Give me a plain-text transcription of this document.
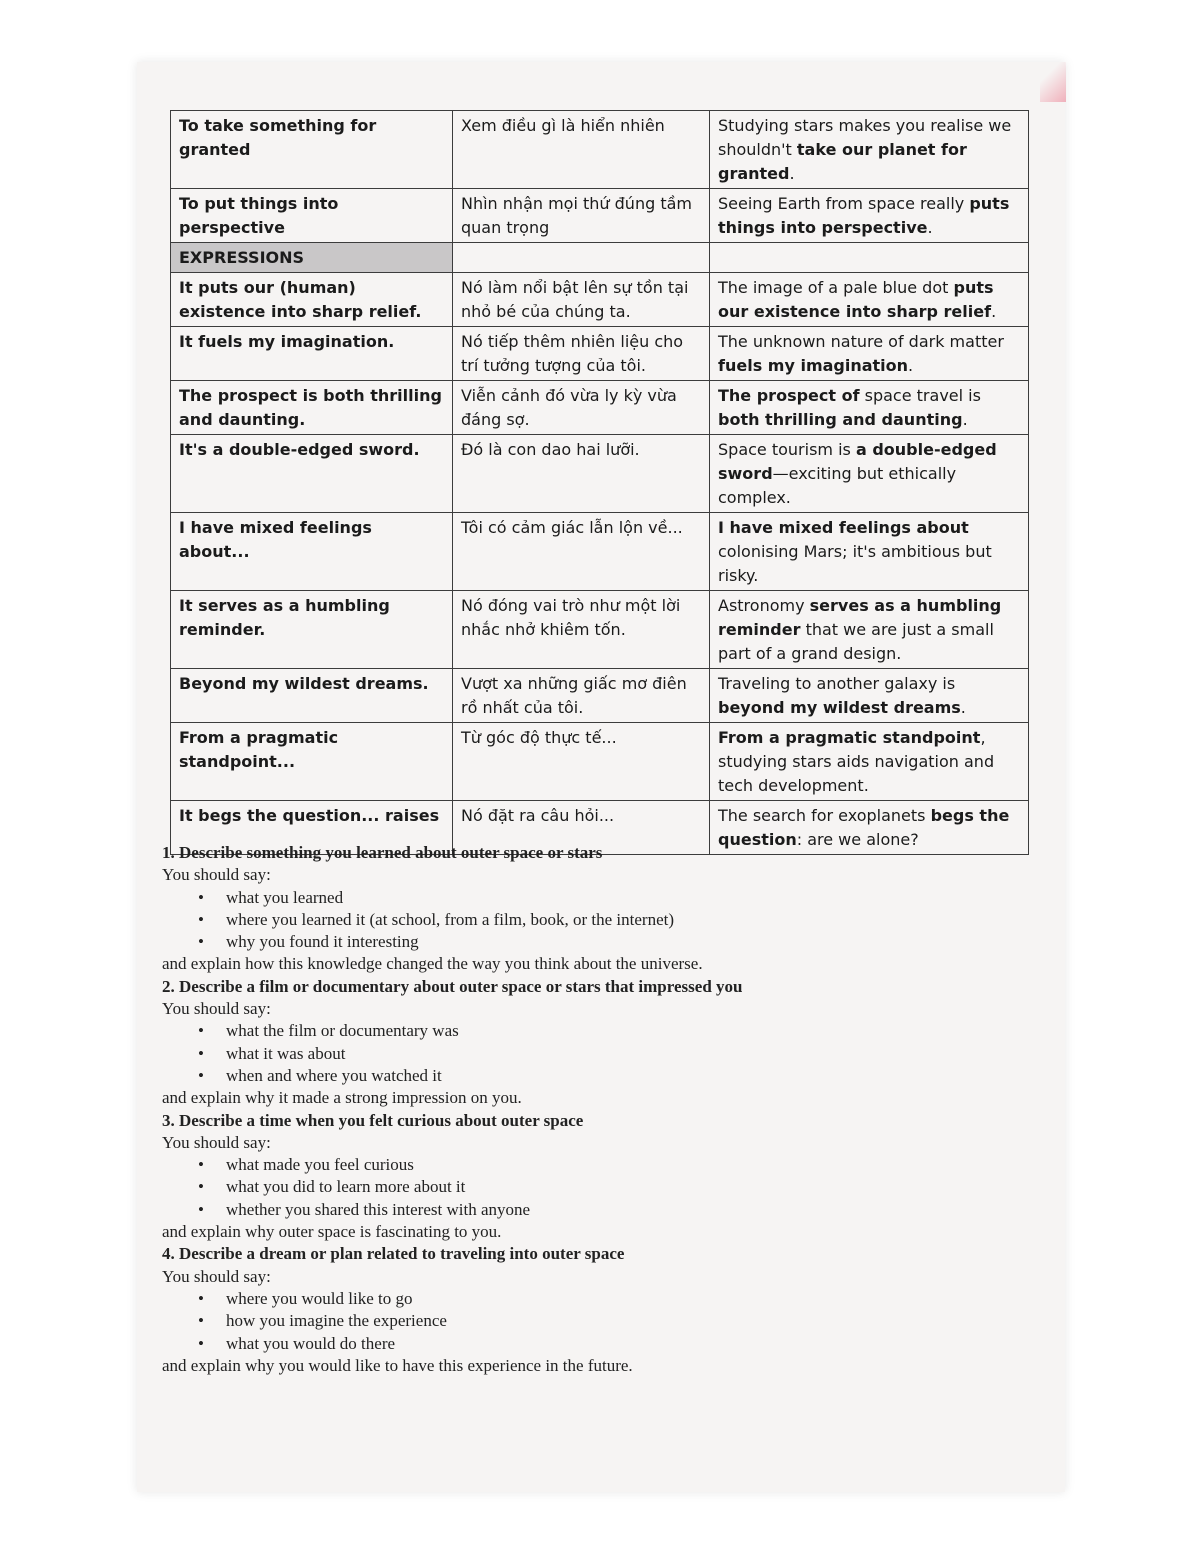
To take something for granted	Xem điều gì là hiển nhiên	Studying stars makes you realise we shouldn't take our planet for granted.
To put things into perspective	Nhìn nhận mọi thứ đúng tầm quan trọng	Seeing Earth from space really puts things into perspective.
EXPRESSIONS		
It puts our (human) existence into sharp relief.	Nó làm nổi bật lên sự tồn tại nhỏ bé của chúng ta.	The image of a pale blue dot puts our existence into sharp relief.
It fuels my imagination.	Nó tiếp thêm nhiên liệu cho trí tưởng tượng của tôi.	The unknown nature of dark matter fuels my imagination.
The prospect is both thrilling and daunting.	Viễn cảnh đó vừa ly kỳ vừa đáng sợ.	The prospect of space travel is both thrilling and daunting.
It's a double-edged sword.	Đó là con dao hai lưỡi.	Space tourism is a double-edged sword—exciting but ethically complex.
I have mixed feelings about...	Tôi có cảm giác lẫn lộn về...	I have mixed feelings about colonising Mars; it's ambitious but risky.
It serves as a humbling reminder.	Nó đóng vai trò như một lời nhắc nhở khiêm tốn.	Astronomy serves as a humbling reminder that we are just a small part of a grand design.
Beyond my wildest dreams.	Vượt xa những giấc mơ điên rồ nhất của tôi.	Traveling to another galaxy is beyond my wildest dreams.
From a pragmatic standpoint...	Từ góc độ thực tế...	From a pragmatic standpoint, studying stars aids navigation and tech development.
It begs the question... raises	Nó đặt ra câu hỏi...	The search for exoplanets begs the question: are we alone?
1. Describe something you learned about outer space or stars
You should say:
• what you learned
• where you learned it (at school, from a film, book, or the internet)
• why you found it interesting
and explain how this knowledge changed the way you think about the universe.
2. Describe a film or documentary about outer space or stars that impressed you
You should say:
• what the film or documentary was
• what it was about
• when and where you watched it
and explain why it made a strong impression on you.
3. Describe a time when you felt curious about outer space
You should say:
• what made you feel curious
• what you did to learn more about it
• whether you shared this interest with anyone
and explain why outer space is fascinating to you.
4. Describe a dream or plan related to traveling into outer space
You should say:
• where you would like to go
• how you imagine the experience
• what you would do there
and explain why you would like to have this experience in the future.
